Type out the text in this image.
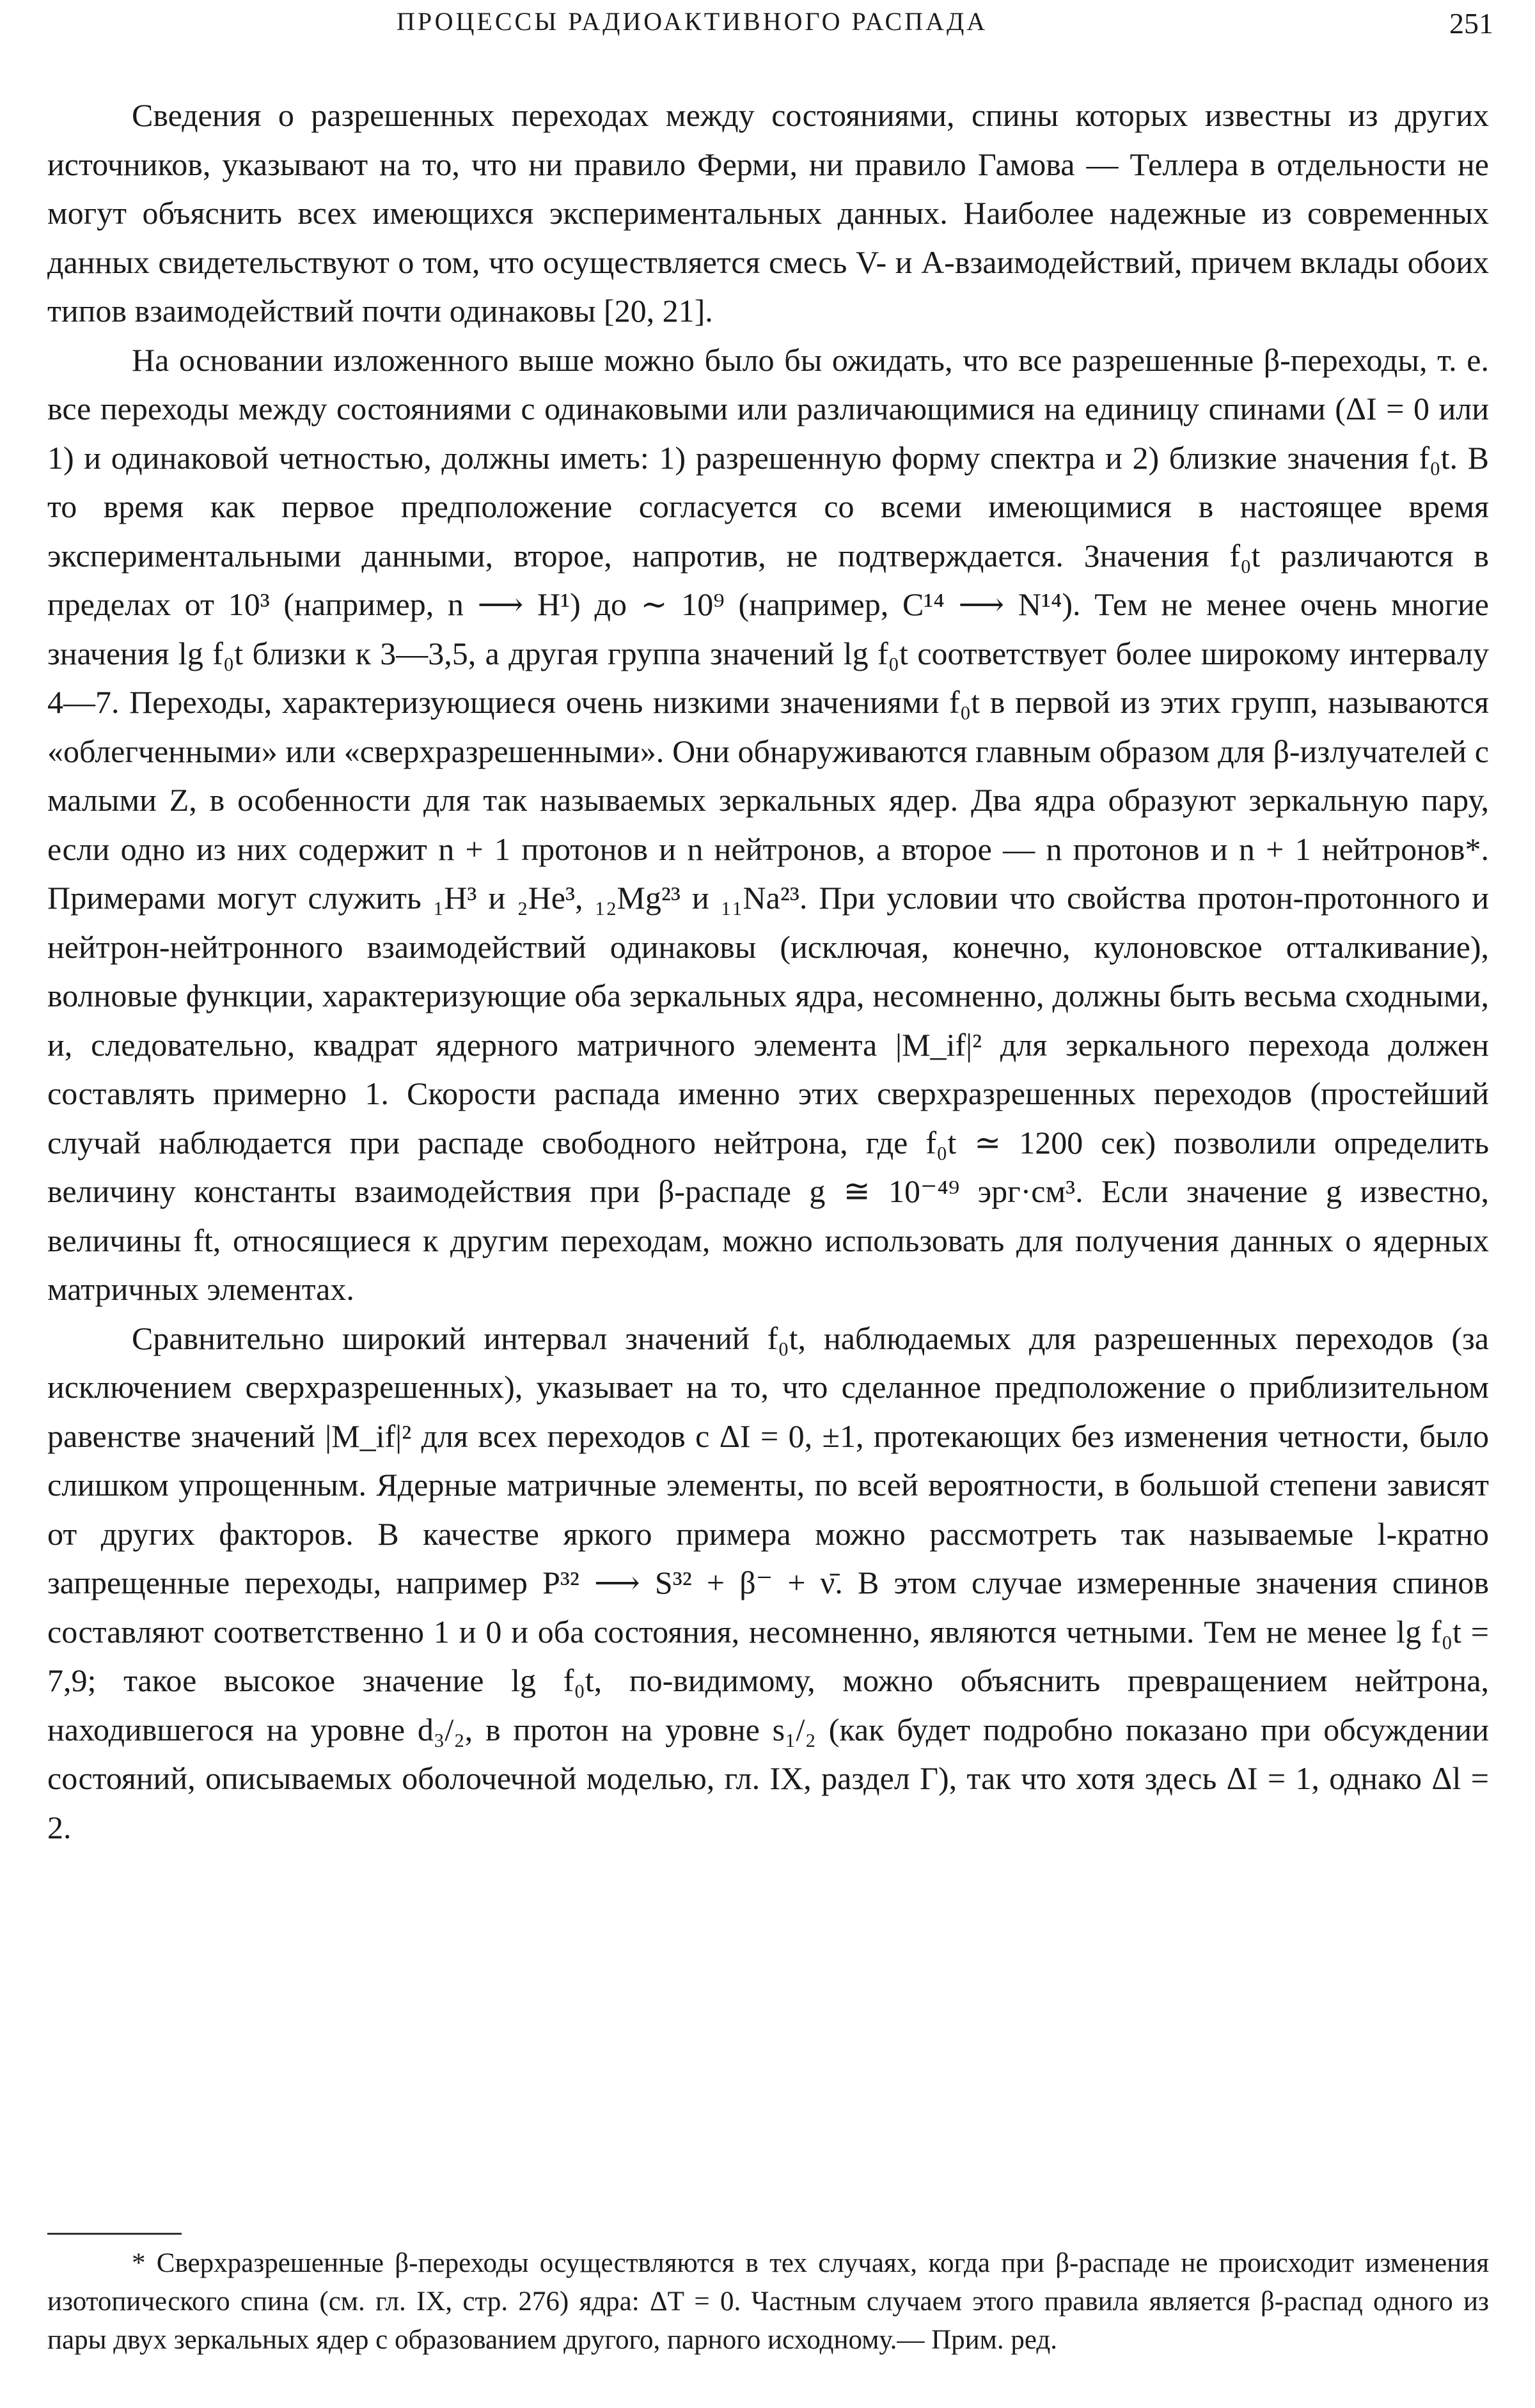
ПРОЦЕССЫ РАДИОАКТИВНОГО РАСПАДА	251

Сведения о разрешенных переходах между состояниями, спины которых известны из других источников, указывают на то, что ни правило Ферми, ни правило Гамова — Теллера в отдельности не могут объяснить всех имеющихся экспериментальных данных. Наиболее надежные из современных данных свидетельствуют о том, что осуществляется смесь V- и A-взаимодействий, причем вклады обоих типов взаимодействий почти одинаковы [20, 21].

На основании изложенного выше можно было бы ожидать, что все разрешенные β-переходы, т. е. все переходы между состояниями с одинаковыми или различающимися на единицу спинами (ΔI = 0 или 1) и одинаковой четностью, должны иметь: 1) разрешенную форму спектра и 2) близкие значения f₀t. В то время как первое предположение согласуется со всеми имеющимися в настоящее время экспериментальными данными, второе, напротив, не подтверждается. Значения f₀t различаются в пределах от 10³ (например, n ⟶ H¹) до ∼ 10⁹ (например, C¹⁴ ⟶ N¹⁴). Тем не менее очень многие значения lg f₀t близки к 3—3,5, а другая группа значений lg f₀t соответствует более широкому интервалу 4—7. Переходы, характеризующиеся очень низкими значениями f₀t в первой из этих групп, называются «облегченными» или «сверхразрешенными». Они обнаруживаются главным образом для β-излучателей с малыми Z, в особенности для так называемых зеркальных ядер. Два ядра образуют зеркальную пару, если одно из них содержит n + 1 протонов и n нейтронов, а второе — n протонов и n + 1 нейтронов*. Примерами могут служить ₁H³ и ₂He³, ₁₂Mg²³ и ₁₁Na²³. При условии что свойства протон-протонного и нейтрон-нейтронного взаимодействий одинаковы (исключая, конечно, кулоновское отталкивание), волновые функции, характеризующие оба зеркальных ядра, несомненно, должны быть весьма сходными, и, следовательно, квадрат ядерного матричного элемента |M_if|² для зеркального перехода должен составлять примерно 1. Скорости распада именно этих сверхразрешенных переходов (простейший случай наблюдается при распаде свободного нейтрона, где f₀t ≃ 1200 сек) позволили определить величину константы взаимодействия при β-распаде g ≅ 10⁻⁴⁹ эрг·см³. Если значение g известно, величины ft, относящиеся к другим переходам, можно использовать для получения данных о ядерных матричных элементах.

Сравнительно широкий интервал значений f₀t, наблюдаемых для разрешенных переходов (за исключением сверхразрешенных), указывает на то, что сделанное предположение о приблизительном равенстве значений |M_if|² для всех переходов с ΔI = 0, ±1, протекающих без изменения четности, было слишком упрощенным. Ядерные матричные элементы, по всей вероятности, в большой степени зависят от других факторов. В качестве яркого примера можно рассмотреть так называемые l-кратно запрещенные переходы, например P³² ⟶ S³² + β⁻ + ν̄. В этом случае измеренные значения спинов составляют соответственно 1 и 0 и оба состояния, несомненно, являются четными. Тем не менее lg f₀t = 7,9; такое высокое значение lg f₀t, по-видимому, можно объяснить превращением нейтрона, находившегося на уровне d₃/₂, в протон на уровне s₁/₂ (как будет подробно показано при обсуждении состояний, описываемых оболочечной моделью, гл. IX, раздел Г), так что хотя здесь ΔI = 1, однако Δl = 2.

* Сверхразрешенные β-переходы осуществляются в тех случаях, когда при β-распаде не происходит изменения изотопического спина (см. гл. IX, стр. 276) ядра: ΔT = 0. Частным случаем этого правила является β-распад одного из пары двух зеркальных ядер с образованием другого, парного исходному.— Прим. ред.
